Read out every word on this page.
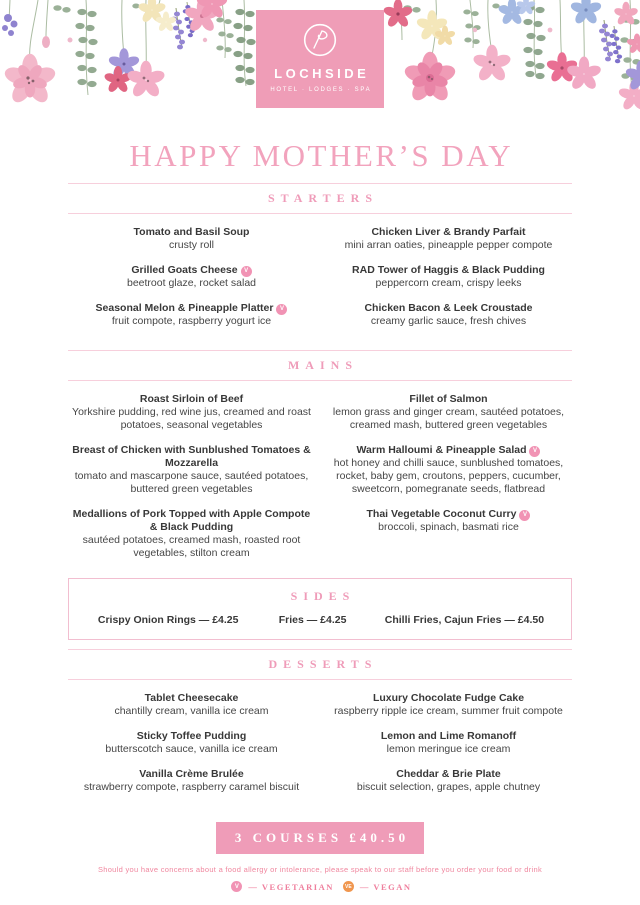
LOCHSIDE
HOTEL · LODGES · SPA
HAPPY MOTHER’S DAY
STARTERS
Tomato and Basil Soup
crusty roll
Grilled Goats Cheese V
beetroot glaze, rocket salad
Seasonal Melon & Pineapple Platter V
fruit compote, raspberry yogurt ice
Chicken Liver & Brandy Parfait
mini arran oaties, pineapple pepper compote
RAD Tower of Haggis & Black Pudding
peppercorn cream, crispy leeks
Chicken Bacon & Leek Croustade
creamy garlic sauce, fresh chives
MAINS
Roast Sirloin of Beef
Yorkshire pudding, red wine jus, creamed and roast potatoes, seasonal vegetables
Breast of Chicken with Sunblushed Tomatoes & Mozzarella
tomato and mascarpone sauce, sautéed potatoes, buttered green vegetables
Medallions of Pork Topped with Apple Compote & Black Pudding
sautéed potatoes, creamed mash, roasted root vegetables, stilton cream
Fillet of Salmon
lemon grass and ginger cream, sautéed potatoes, creamed mash, buttered green vegetables
Warm Halloumi & Pineapple Salad V
hot honey and chilli sauce, sunblushed tomatoes, rocket, baby gem, croutons, peppers, cucumber, sweetcorn, pomegranate seeds, flatbread
Thai Vegetable Coconut Curry V
broccoli, spinach, basmati rice
SIDES
Crispy Onion Rings — £4.25	Fries — £4.25	Chilli Fries, Cajun Fries — £4.50
DESSERTS
Tablet Cheesecake
chantilly cream, vanilla ice cream
Sticky Toffee Pudding
butterscotch sauce, vanilla ice cream
Vanilla Crème Brulée
strawberry compote, raspberry caramel biscuit
Luxury Chocolate Fudge Cake
raspberry ripple ice cream, summer fruit compote
Lemon and Lime Romanoff
lemon meringue ice cream
Cheddar & Brie Plate
biscuit selection, grapes, apple chutney
3 COURSES £40.50
Should you have concerns about a food allergy or intolerance, please speak to our staff before you order your food or drink
V	— VEGETARIAN	VE — VEGAN
